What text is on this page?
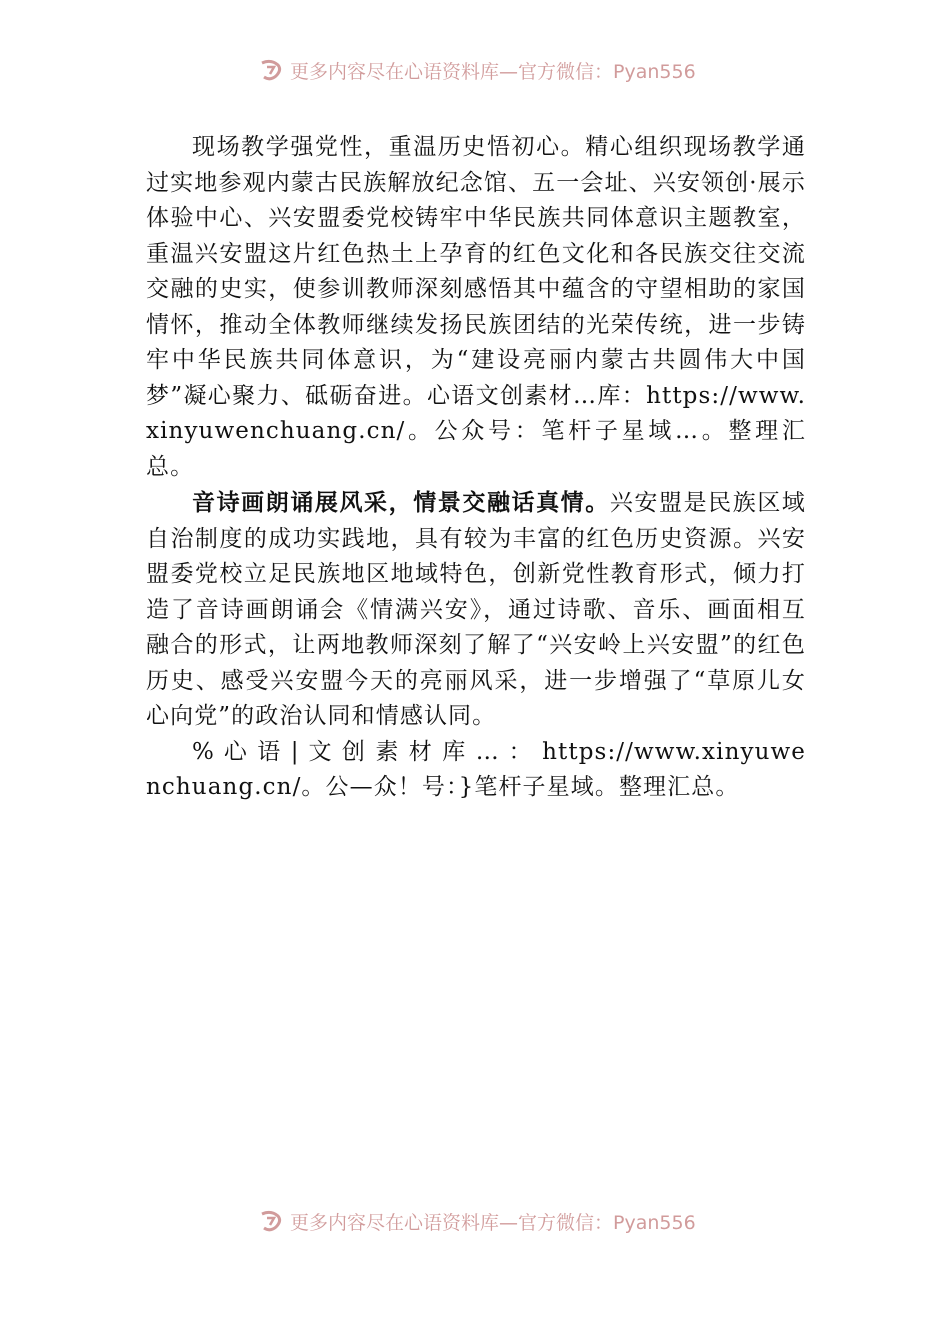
更多内容尽在心语资料库—官方微信：Pyan556

现场教学强党性，重温历史悟初心。精心组织现场教学通过实地参观内蒙古民族解放纪念馆、五一会址、兴安领创·展示体验中心、兴安盟委党校铸牢中华民族共同体意识主题教室，重温兴安盟这片红色热土上孕育的红色文化和各民族交往交流交融的史实，使参训教师深刻感悟其中蕴含的守望相助的家国情怀，推动全体教师继续发扬民族团结的光荣传统，进一步铸牢中华民族共同体意识，为“建设亮丽内蒙古共圆伟大中国梦”凝心聚力、砥砺奋进。心语文创素材…库：https://www.xinyuwenchuang.cn/。公众号：笔杆子星域…。整理汇总。

音诗画朗诵展风采，情景交融话真情。兴安盟是民族区域自治制度的成功实践地，具有较为丰富的红色历史资源。兴安盟委党校立足民族地区地域特色，创新党性教育形式，倾力打造了音诗画朗诵会《情满兴安》，通过诗歌、音乐、画面相互融合的形式，让两地教师深刻了解了“兴安岭上兴安盟”的红色历史、感受兴安盟今天的亮丽风采，进一步增强了“草原儿女心向党”的政治认同和情感认同。

% 心 语 | 文 创 素 材 库 … ： https://www.xinyuwenchuang.cn/。公—众！号：}笔杆子星域。整理汇总。

更多内容尽在心语资料库—官方微信：Pyan556
